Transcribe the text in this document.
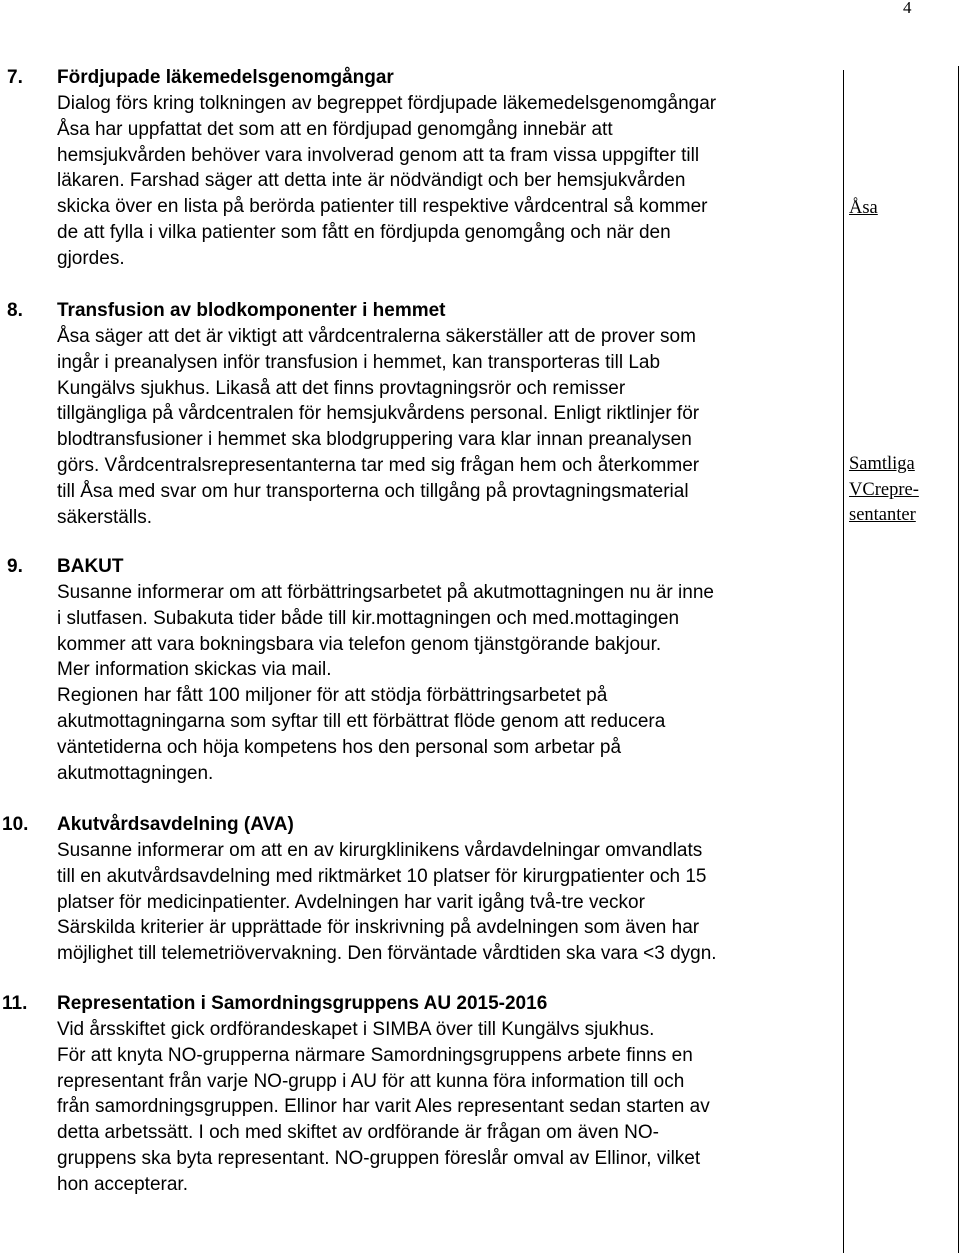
4
7. Fördjupade läkemedelsgenomgångar
Dialog förs kring tolkningen av begreppet fördjupade läkemedelsgenomgångar
Åsa har uppfattat det som att en fördjupad genomgång innebär att
hemsjukvården behöver vara involverad genom att ta fram vissa uppgifter till
läkaren. Farshad säger att detta inte är nödvändigt och ber hemsjukvården
skicka över en lista på berörda patienter till respektive vårdcentral så kommer
de att fylla i vilka patienter som fått en fördjupda genomgång och när den
gjordes.
Åsa
8. Transfusion av blodkomponenter i hemmet
Åsa säger att det är viktigt att vårdcentralerna säkerställer att de prover som
ingår i preanalysen inför transfusion i hemmet, kan transporteras till Lab
Kungälvs sjukhus. Likaså att det finns provtagningsrör och remisser
tillgängliga på vårdcentralen för hemsjukvårdens personal. Enligt riktlinjer för
blodtransfusioner i hemmet ska blodgruppering vara klar innan preanalysen
görs. Vårdcentralsrepresentanterna tar med sig frågan hem och återkommer
till Åsa med svar om hur transporterna och tillgång på provtagningsmaterial
säkerställs.
Samtliga
VCrepre-
sentanter
9. BAKUT
Susanne informerar om att förbättringsarbetet på akutmottagningen nu är inne
i slutfasen. Subakuta tider både till kir.mottagningen och med.mottagingen
kommer att vara bokningsbara via telefon genom tjänstgörande bakjour.
Mer information skickas via mail.
Regionen har fått 100 miljoner för att stödja förbättringsarbetet på
akutmottagningarna som syftar till ett förbättrat flöde genom att reducera
väntetiderna och höja kompetens hos den personal som arbetar på
akutmottagningen.
10. Akutvårdsavdelning (AVA)
Susanne informerar om att en av kirurgklinikens vårdavdelningar omvandlats
till en akutvårdsavdelning med riktmärket 10 platser för kirurgpatienter och 15
platser för medicinpatienter. Avdelningen har varit igång två-tre veckor
Särskilda kriterier är upprättade för inskrivning på avdelningen som även har
möjlighet till telemetriövervakning. Den förväntade vårdtiden ska vara <3 dygn.
11. Representation i Samordningsgruppens AU 2015-2016
Vid årsskiftet gick ordförandeskapet i SIMBA över till Kungälvs sjukhus.
För att knyta NO-grupperna närmare Samordningsgruppens arbete finns en
representant från varje NO-grupp i AU för att kunna föra information till och
från samordningsgruppen. Ellinor har varit Ales representant sedan starten av
detta arbetssätt. I och med skiftet av ordförande är frågan om även NO-
gruppens ska byta representant. NO-gruppen föreslår omval av Ellinor, vilket
hon accepterar.
